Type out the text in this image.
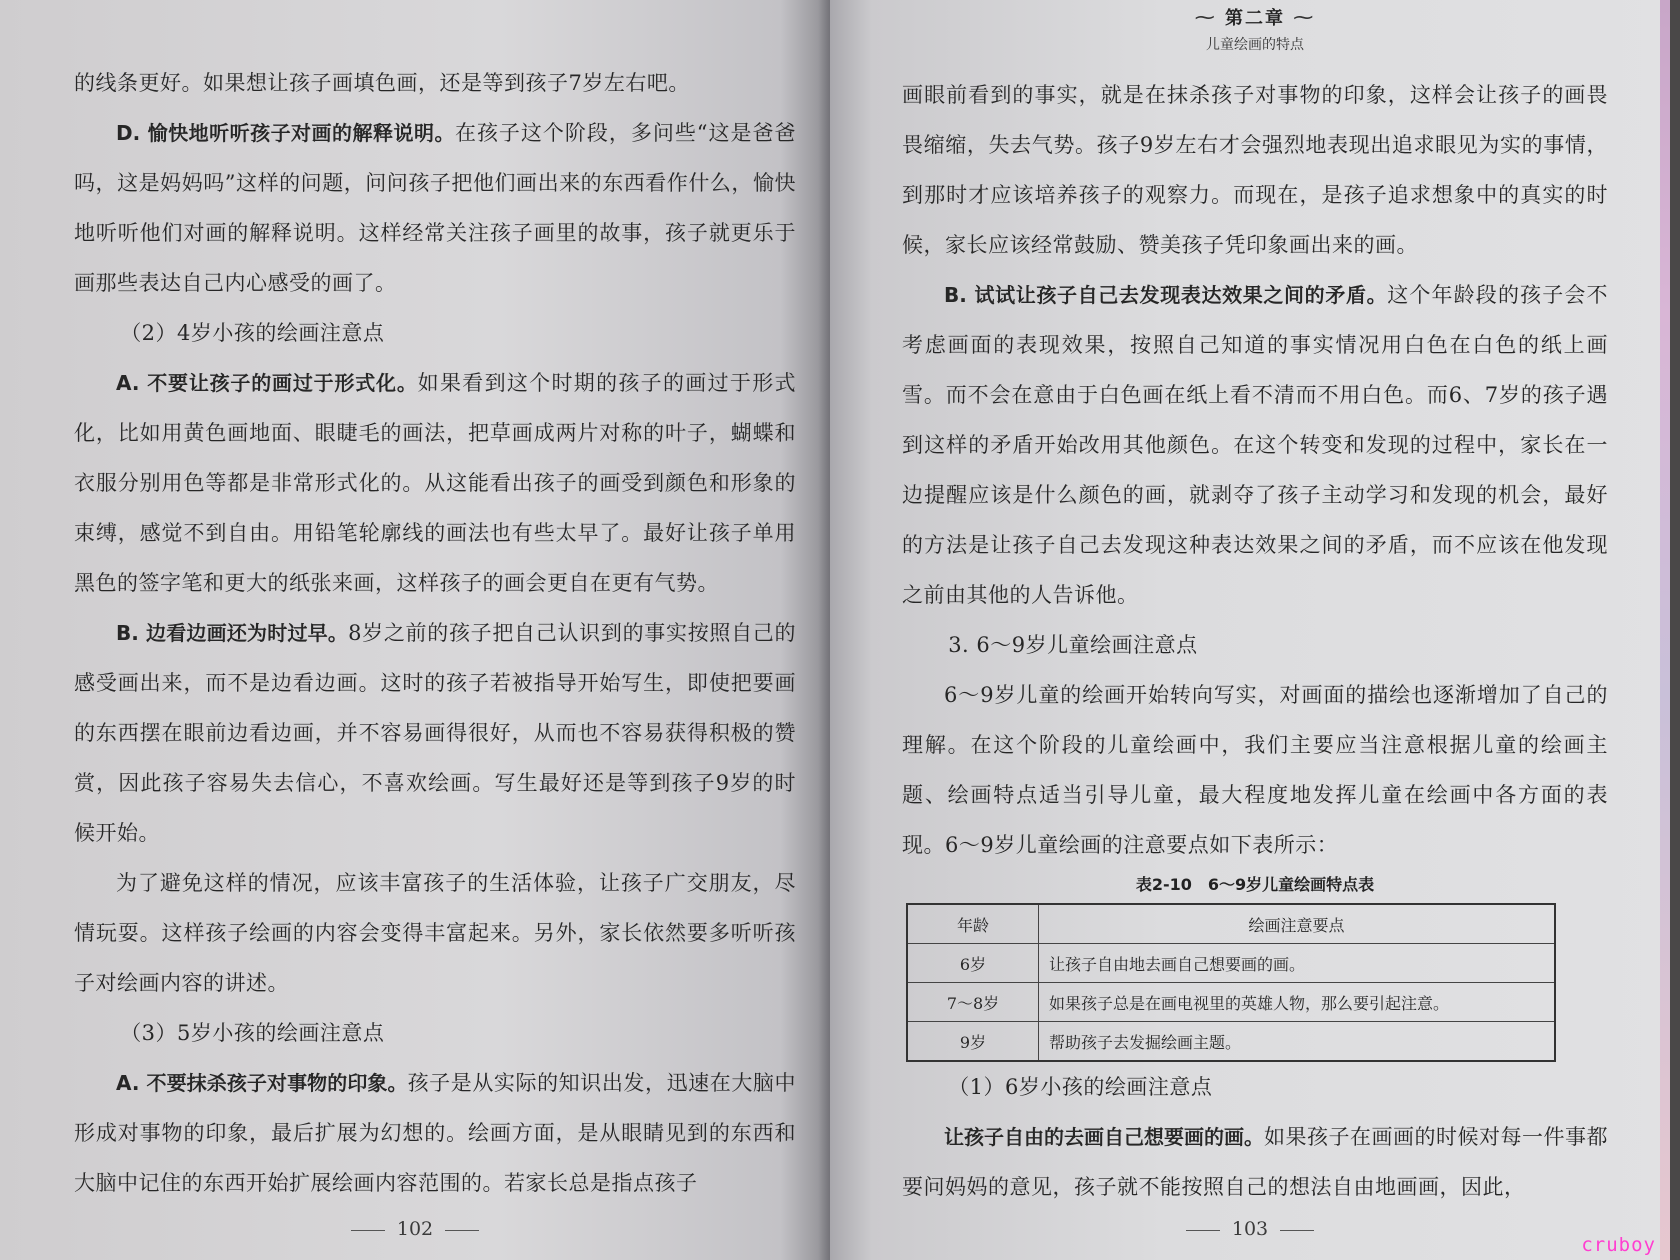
的线条更好。如果想让孩子画填色画，还是等到孩子7岁左右吧。

D. 愉快地听听孩子对画的解释说明。在孩子这个阶段，多问些“这是爸爸吗，这是妈妈吗”这样的问题，问问孩子把他们画出来的东西看作什么，愉快地听听他们对画的解释说明。这样经常关注孩子画里的故事，孩子就更乐于画那些表达自己内心感受的画了。

（2）4岁小孩的绘画注意点

A. 不要让孩子的画过于形式化。如果看到这个时期的孩子的画过于形式化，比如用黄色画地面、眼睫毛的画法，把草画成两片对称的叶子，蝴蝶和衣服分别用色等都是非常形式化的。从这能看出孩子的画受到颜色和形象的束缚，感觉不到自由。用铅笔轮廓线的画法也有些太早了。最好让孩子单用黑色的签字笔和更大的纸张来画，这样孩子的画会更自在更有气势。

B. 边看边画还为时过早。8岁之前的孩子把自己认识到的事实按照自己的感受画出来，而不是边看边画。这时的孩子若被指导开始写生，即使把要画的东西摆在眼前边看边画，并不容易画得很好，从而也不容易获得积极的赞赏，因此孩子容易失去信心，不喜欢绘画。写生最好还是等到孩子9岁的时候开始。

为了避免这样的情况，应该丰富孩子的生活体验，让孩子广交朋友，尽情玩耍。这样孩子绘画的内容会变得丰富起来。另外，家长依然要多听听孩子对绘画内容的讲述。

（3）5岁小孩的绘画注意点

A. 不要抹杀孩子对事物的印象。孩子是从实际的知识出发，迅速在大脑中形成对事物的印象，最后扩展为幻想的。绘画方面，是从眼睛见到的东西和大脑中记住的东西开始扩展绘画内容范围的。若家长总是指点孩子

102
⁓ 第二章 ⁓
儿童绘画的特点

画眼前看到的事实，就是在抹杀孩子对事物的印象，这样会让孩子的画畏畏缩缩，失去气势。孩子9岁左右才会强烈地表现出追求眼见为实的事情，到那时才应该培养孩子的观察力。而现在，是孩子追求想象中的真实的时候，家长应该经常鼓励、赞美孩子凭印象画出来的画。

B. 试试让孩子自己去发现表达效果之间的矛盾。这个年龄段的孩子会不考虑画面的表现效果，按照自己知道的事实情况用白色在白色的纸上画雪。而不会在意由于白色画在纸上看不清而不用白色。而6、7岁的孩子遇到这样的矛盾开始改用其他颜色。在这个转变和发现的过程中，家长在一边提醒应该是什么颜色的画，就剥夺了孩子主动学习和发现的机会，最好的方法是让孩子自己去发现这种表达效果之间的矛盾，而不应该在他发现之前由其他的人告诉他。

3. 6～9岁儿童绘画注意点

6～9岁儿童的绘画开始转向写实，对画面的描绘也逐渐增加了自己的理解。在这个阶段的儿童绘画中，我们主要应当注意根据儿童的绘画主题、绘画特点适当引导儿童，最大程度地发挥儿童在绘画中各方面的表现。6～9岁儿童绘画的注意要点如下表所示：

表2-10　6～9岁儿童绘画特点表
年龄	绘画注意要点
6岁	让孩子自由地去画自己想要画的画。
7～8岁	如果孩子总是在画电视里的英雄人物，那么要引起注意。
9岁	帮助孩子去发掘绘画主题。

（1）6岁小孩的绘画注意点

让孩子自由的去画自己想要画的画。如果孩子在画画的时候对每一件事都要问妈妈的意见，孩子就不能按照自己的想法自由地画画，因此，

103
cruboy
